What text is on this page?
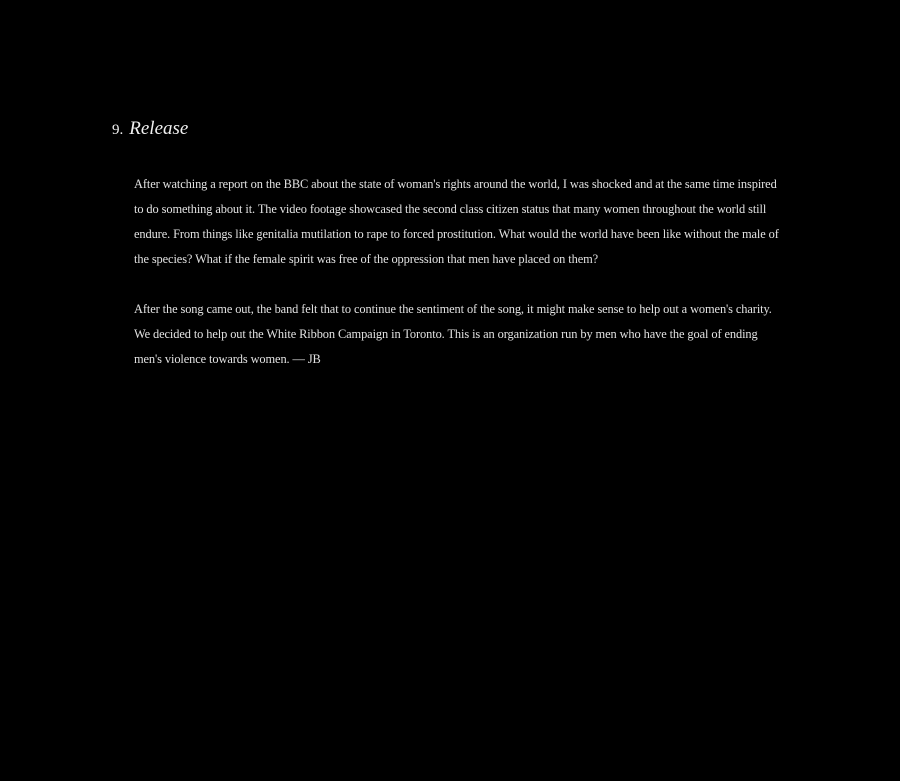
9. Release

After watching a report on the BBC about the state of woman's rights around the world, I was shocked and at the same time inspired to do something about it. The video footage showcased the second class citizen status that many women throughout the world still endure. From things like genitalia mutilation to rape to forced prostitution. What would the world have been like without the male of the species? What if the female spirit was free of the oppression that men have placed on them?

After the song came out, the band felt that to continue the sentiment of the song, it might make sense to help out a women's charity. We decided to help out the White Ribbon Campaign in Toronto. This is an organization run by men who have the goal of ending men's violence towards women. — JB
